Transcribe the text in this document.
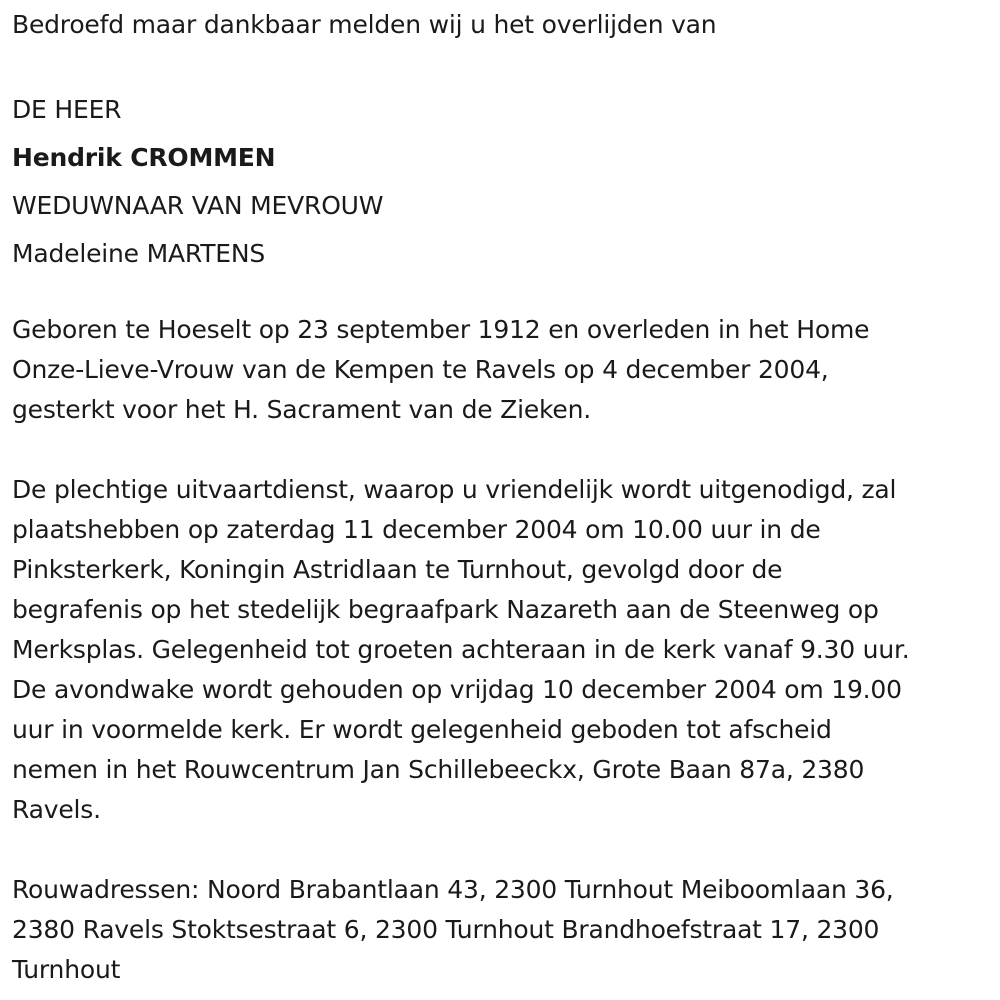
Bedroefd maar dankbaar melden wij u het overlijden van
DE HEER
Hendrik CROMMEN
WEDUWNAAR VAN MEVROUW
Madeleine MARTENS
Geboren te Hoeselt op 23 september 1912 en overleden in het Home
Onze-Lieve-Vrouw van de Kempen te Ravels op 4 december 2004,
gesterkt voor het H. Sacrament van de Zieken.
De plechtige uitvaartdienst, waarop u vriendelijk wordt uitgenodigd, zal
plaatshebben op zaterdag 11 december 2004 om 10.00 uur in de
Pinksterkerk, Koningin Astridlaan te Turnhout, gevolgd door de
begrafenis op het stedelijk begraafpark Nazareth aan de Steenweg op
Merksplas. Gelegenheid tot groeten achteraan in de kerk vanaf 9.30 uur.
De avondwake wordt gehouden op vrijdag 10 december 2004 om 19.00
uur in voormelde kerk. Er wordt gelegenheid geboden tot afscheid
nemen in het Rouwcentrum Jan Schillebeeckx, Grote Baan 87a, 2380
Ravels.
Rouwadressen: Noord Brabantlaan 43, 2300 Turnhout Meiboomlaan 36,
2380 Ravels Stoktsestraat 6, 2300 Turnhout Brandhoefstraat 17, 2300
Turnhout
